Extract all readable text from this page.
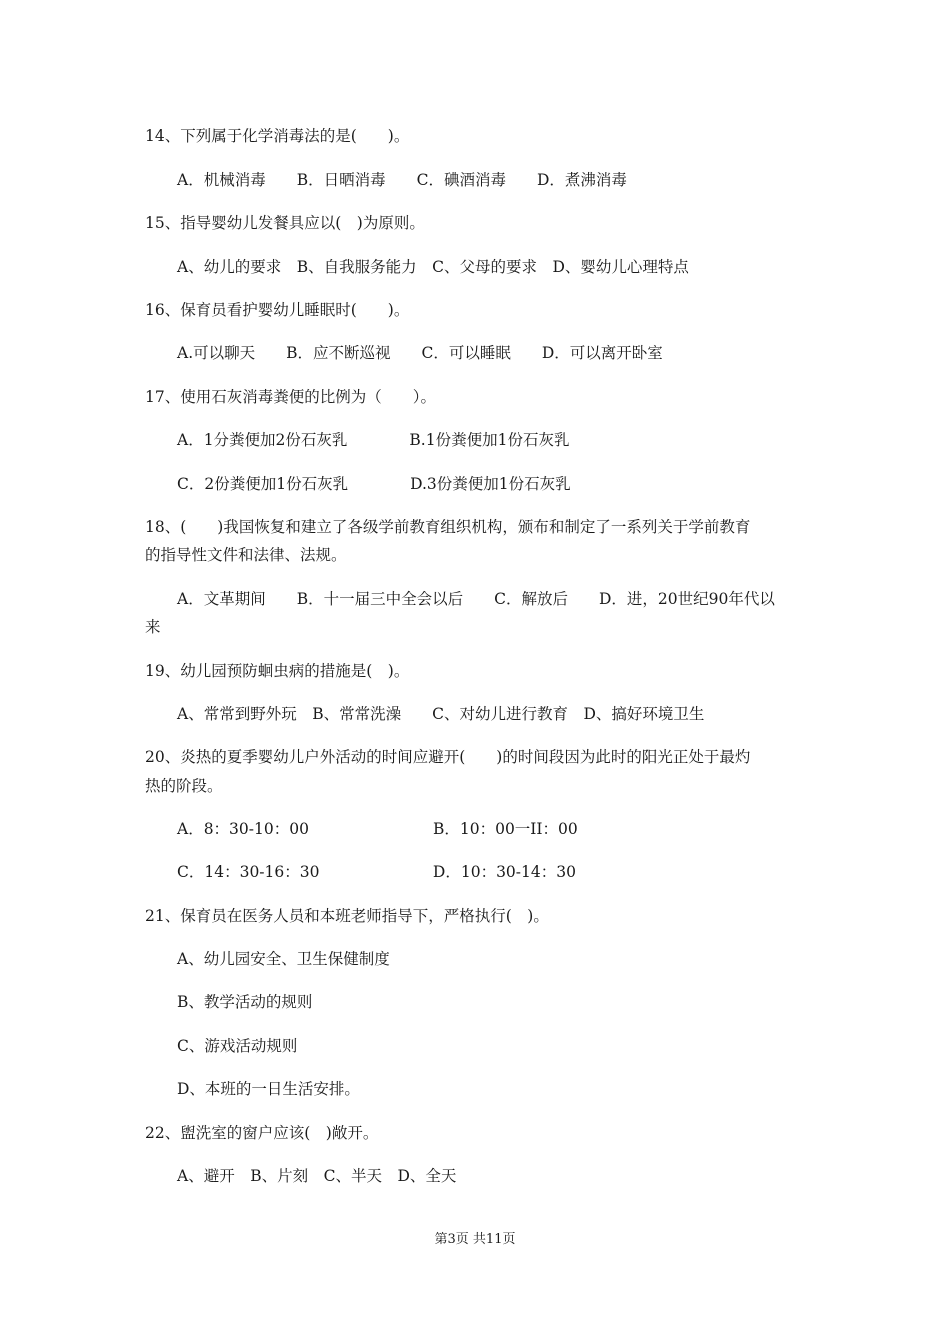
14、下列属于化学消毒法的是(　　)。
A．机械消毒　　B．日晒消毒　　C．碘酒消毒　　D．煮沸消毒
15、指导婴幼儿发餐具应以(　)为原则。
A、幼儿的要求　B、自我服务能力　C、父母的要求　D、婴幼儿心理特点
16、保育员看护婴幼儿睡眠时(　　)。
A.可以聊天　　B．应不断巡视　　C．可以睡眠　　D．可以离开卧室
17、使用石灰消毒粪便的比例为（　　）。
A．1分粪便加2份石灰乳　　　　B.1份粪便加1份石灰乳
C．2份粪便加1份石灰乳　　　　D.3份粪便加1份石灰乳
18、(　　)我国恢复和建立了各级学前教育组织机构，颁布和制定了一系列关于学前教育
的指导性文件和法律、法规。
A．文革期间　　B．十一届三中全会以后　　C．解放后　　D．进，20世纪90年代以
来
19、幼儿园预防蛔虫病的措施是(　)。
A、常常到野外玩　B、常常洗澡　　C、对幼儿进行教育　D、搞好环境卫生
20、炎热的夏季婴幼儿户外活动的时间应避开(　　)的时间段因为此时的阳光正处于最灼
热的阶段。
A．8：30-10：00　　　　　　　　B．10：00一II：00
C．14：30-16：30　　　　　　　 D．10：30-14：30
21、保育员在医务人员和本班老师指导下，严格执行(　)。
A、幼儿园安全、卫生保健制度
B、教学活动的规则
C、游戏活动规则
D、本班的一日生活安排。
22、盥洗室的窗户应该(　)敞开。
A、避开　B、片刻　C、半天　D、全天
第3页 共11页
